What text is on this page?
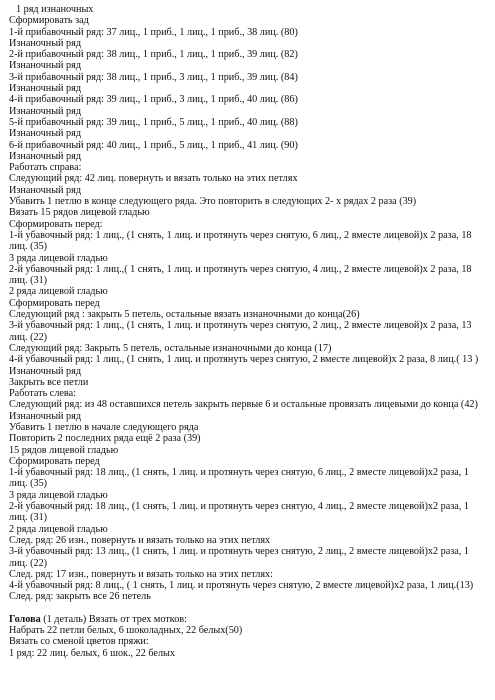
1 ряд изнаночных
Сформировать зад
1-й прибавочный ряд: 37 лиц., 1 приб., 1 лиц., 1 приб., 38 лиц. (80)
Изнаночный ряд
2-й прибавочный ряд: 38 лиц., 1 приб., 1 лиц., 1 приб., 39 лиц. (82)
Изнаночный ряд
3-й прибавочный ряд: 38 лиц., 1 приб., 3 лиц., 1 приб., 39 лиц. (84)
Изнаночный ряд
4-й прибавочный ряд: 39 лиц., 1 приб., 3 лиц., 1 приб., 40 лиц. (86)
Изнаночный ряд
5-й прибавочный ряд: 39 лиц., 1 приб., 5 лиц., 1 приб., 40 лиц. (88)
Изнаночный ряд
6-й прибавочный ряд: 40 лиц., 1 приб., 5 лиц., 1 приб., 41 лиц. (90)
Изнаночный ряд
Работать справа:
Следующий ряд: 42 лиц. повернуть и вязать только на этих петлях
Изнаночный ряд
Убавить 1 петлю в конце следующего ряда. Это повторить в следующих 2- х рядах 2 раза (39)
Вязать 15 рядов лицевой гладью
Сформировать перед:
1-й убавочный ряд: 1 лиц., (1 снять, 1 лиц. и протянуть через снятую, 6 лиц., 2 вместе лицевой)х 2 раза, 18 лиц. (35)
3 ряда лицевой гладью
2-й убавочный ряд: 1 лиц.,( 1 снять, 1 лиц. и протянуть через снятую, 4 лиц., 2 вместе лицевой)х 2 раза, 18 лиц. (31)
2 ряда лицевой гладью
Сформировать перед
Следующий ряд : закрыть 5 петель, остальные вязать изнаночными до конца(26)
3-й убавочный ряд: 1 лиц., (1 снять, 1 лиц. и протянуть через снятую, 2 лиц., 2 вместе лицевой)х 2 раза, 13 лиц. (22)
Следующий ряд: Закрыть 5 петель, остальные изнаночными до конца (17)
4-й убавочный ряд: 1 лиц., (1 снять, 1 лиц. и протянуть через снятую, 2 вместе лицевой)х 2 раза, 8 лиц.( 13 )
Изнаночный ряд
Закрыть все петли
Работать слева:
Следующий ряд: из 48 оставшихся петель закрыть первые 6 и остальные провязать лицевыми до конца (42)
Изнаночный ряд
Убавить 1 петлю в начале следующего ряда
Повторить 2 последних ряда ещё 2 раза (39)
15 рядов лицевой гладью
Сформировать перед
1-й убавочный ряд: 18 лиц., (1 снять, 1 лиц. и протянуть через снятую, 6 лиц., 2 вместе лицевой)х2 раза, 1 лиц. (35)
3 ряда лицевой гладью
2-й убавочный ряд: 18 лиц., (1 снять, 1 лиц. и протянуть через снятую, 4 лиц., 2 вместе лицевой)х2 раза, 1 лиц. (31)
2 ряда лицевой гладью
След. ряд: 26 изн., повернуть и вязать только на этих петлях
3-й убавочный ряд: 13 лиц., (1 снять, 1 лиц. и протянуть через снятую, 2 лиц., 2 вместе лицевой)х2 раза, 1 лиц. (22)
След. ряд: 17 изн., повернуть и вязать только на этих петлях:
4-й убавочный ряд: 8 лиц., ( 1 снять, 1 лиц. и протянуть через снятую, 2 вместе лицевой)х2 раза, 1 лиц.(13)
След. ряд: закрыть все 26 петель
Голова (1 деталь) Вязать от трех мотков:
Набрать 22 петли белых, 6 шоколадных, 22 белых(50)
Вязать со сменой цветов пряжи:
1 ряд: 22 лиц. белых, 6 шок., 22 белых
